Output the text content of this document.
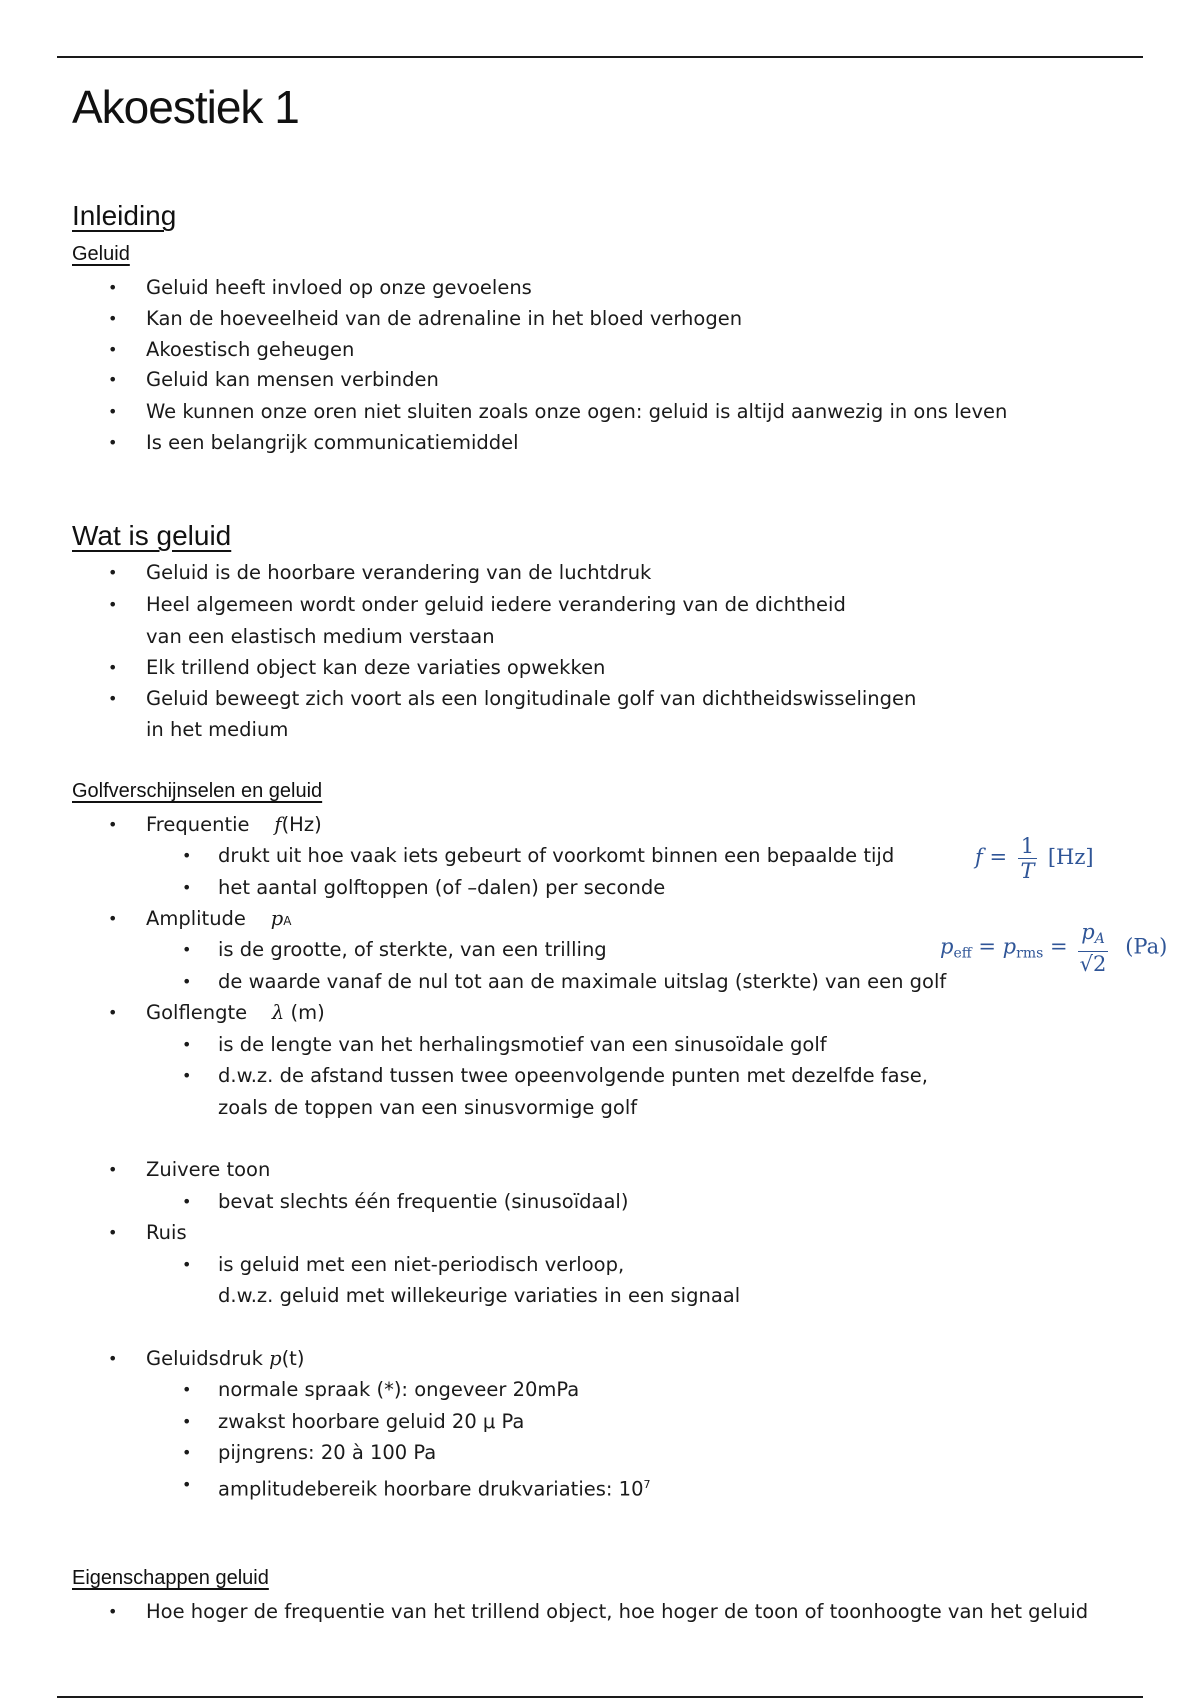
Akoestiek 1
Inleiding
Geluid
• Geluid heeft invloed op onze gevoelens
• Kan de hoeveelheid van de adrenaline in het bloed verhogen
• Akoestisch geheugen
• Geluid kan mensen verbinden
• We kunnen onze oren niet sluiten zoals onze ogen: geluid is altijd aanwezig in ons leven
• Is een belangrijk communicatiemiddel
Wat is geluid
• Geluid is de hoorbare verandering van de luchtdruk
• Heel algemeen wordt onder geluid iedere verandering van de dichtheid
van een elastisch medium verstaan
• Elk trillend object kan deze variaties opwekken
• Geluid beweegt zich voort als een longitudinale golf van dichtheidswisselingen
in het medium
Golfverschijnselen en geluid
• Frequentie f(Hz)
• drukt uit hoe vaak iets gebeurt of voorkomt binnen een bepaalde tijd
• het aantal golftoppen (of –dalen) per seconde
• Amplitude pA
• is de grootte, of sterkte, van een trilling
• de waarde vanaf de nul tot aan de maximale uitslag (sterkte) van een golf
• Golflengte λ (m)
• is de lengte van het herhalingsmotief van een sinusoïdale golf
• d.w.z. de afstand tussen twee opeenvolgende punten met dezelfde fase,
zoals de toppen van een sinusvormige golf
• Zuivere toon
• bevat slechts één frequentie (sinusoïdaal)
• Ruis
• is geluid met een niet-periodisch verloop,
d.w.z. geluid met willekeurige variaties in een signaal
• Geluidsdruk p(t)
• normale spraak (*): ongeveer 20mPa
• zwakst hoorbare geluid 20 μ Pa
• pijngrens: 20 à 100 Pa
• amplitudebereik hoorbare drukvariaties: $10^7$
$f = \frac{1}{T} [Hz]$
$p_{eff} = p_{rms} = \frac{p_A}{√2} (Pa)$
Eigenschappen geluid
• Hoe hoger de frequentie van het trillend object, hoe hoger de toon of toonhoogte van het geluid
